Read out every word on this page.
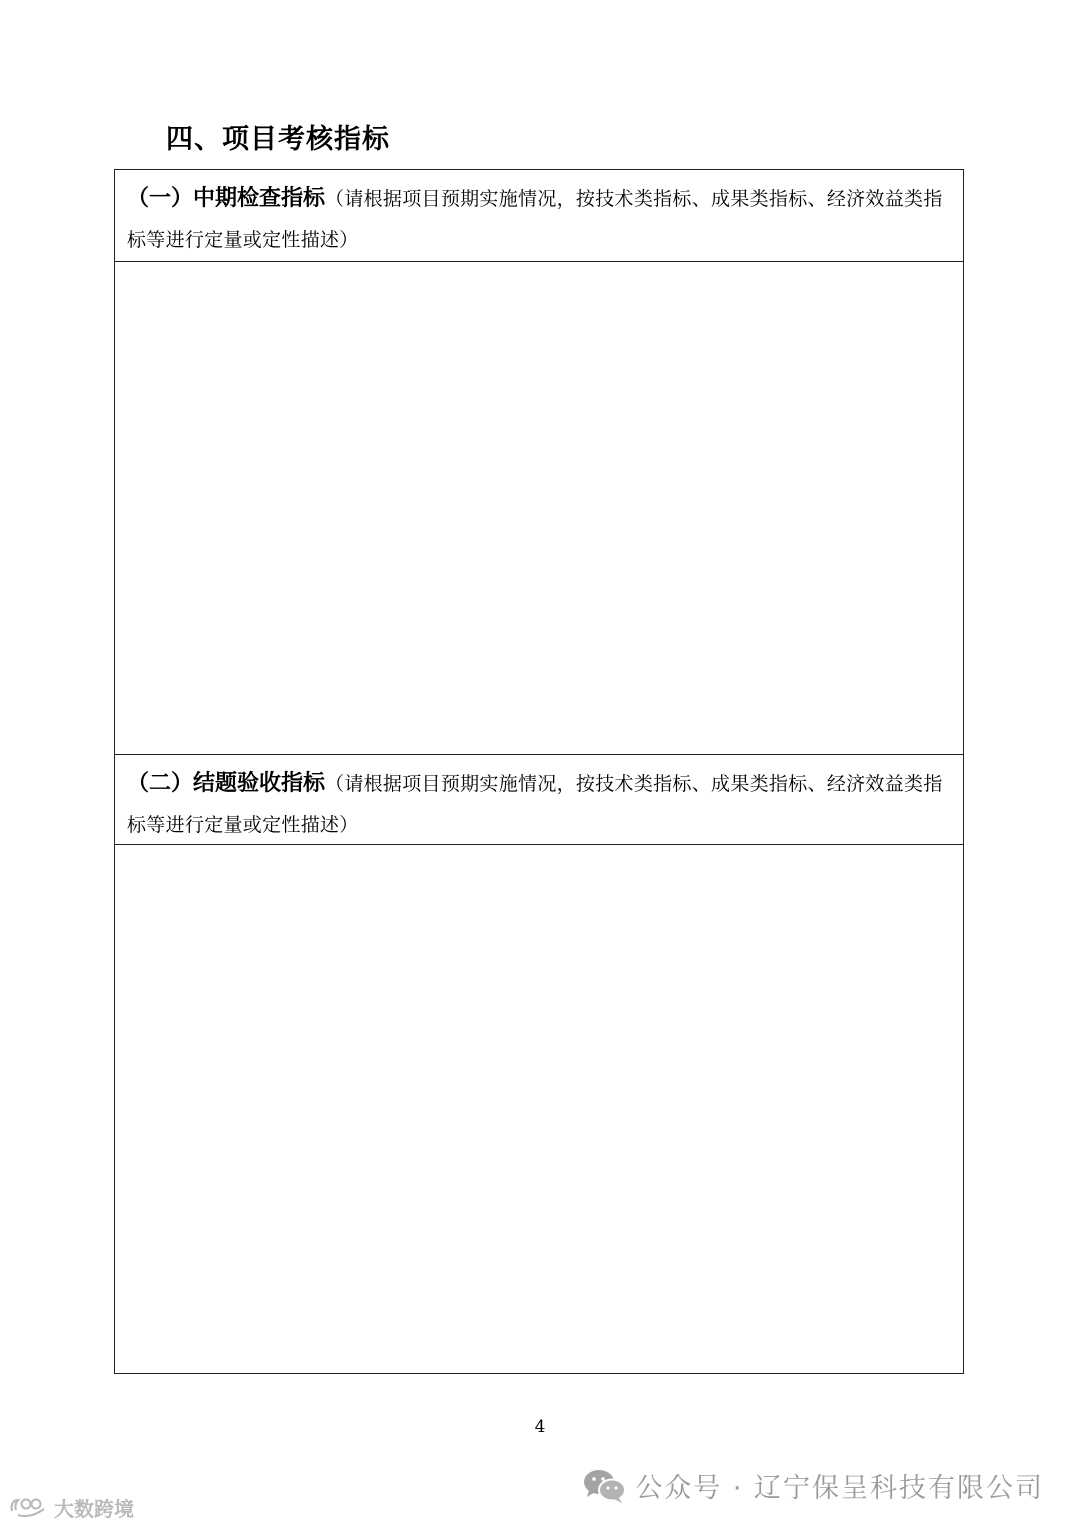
四、项目考核指标
（一）中期检查指标（请根据项目预期实施情况，按技术类指标、成果类指标、经济效益类指标等进行定量或定性描述）
（二）结题验收指标（请根据项目预期实施情况，按技术类指标、成果类指标、经济效益类指标等进行定量或定性描述）
4
公众号 · 辽宁保呈科技有限公司
大数跨境
